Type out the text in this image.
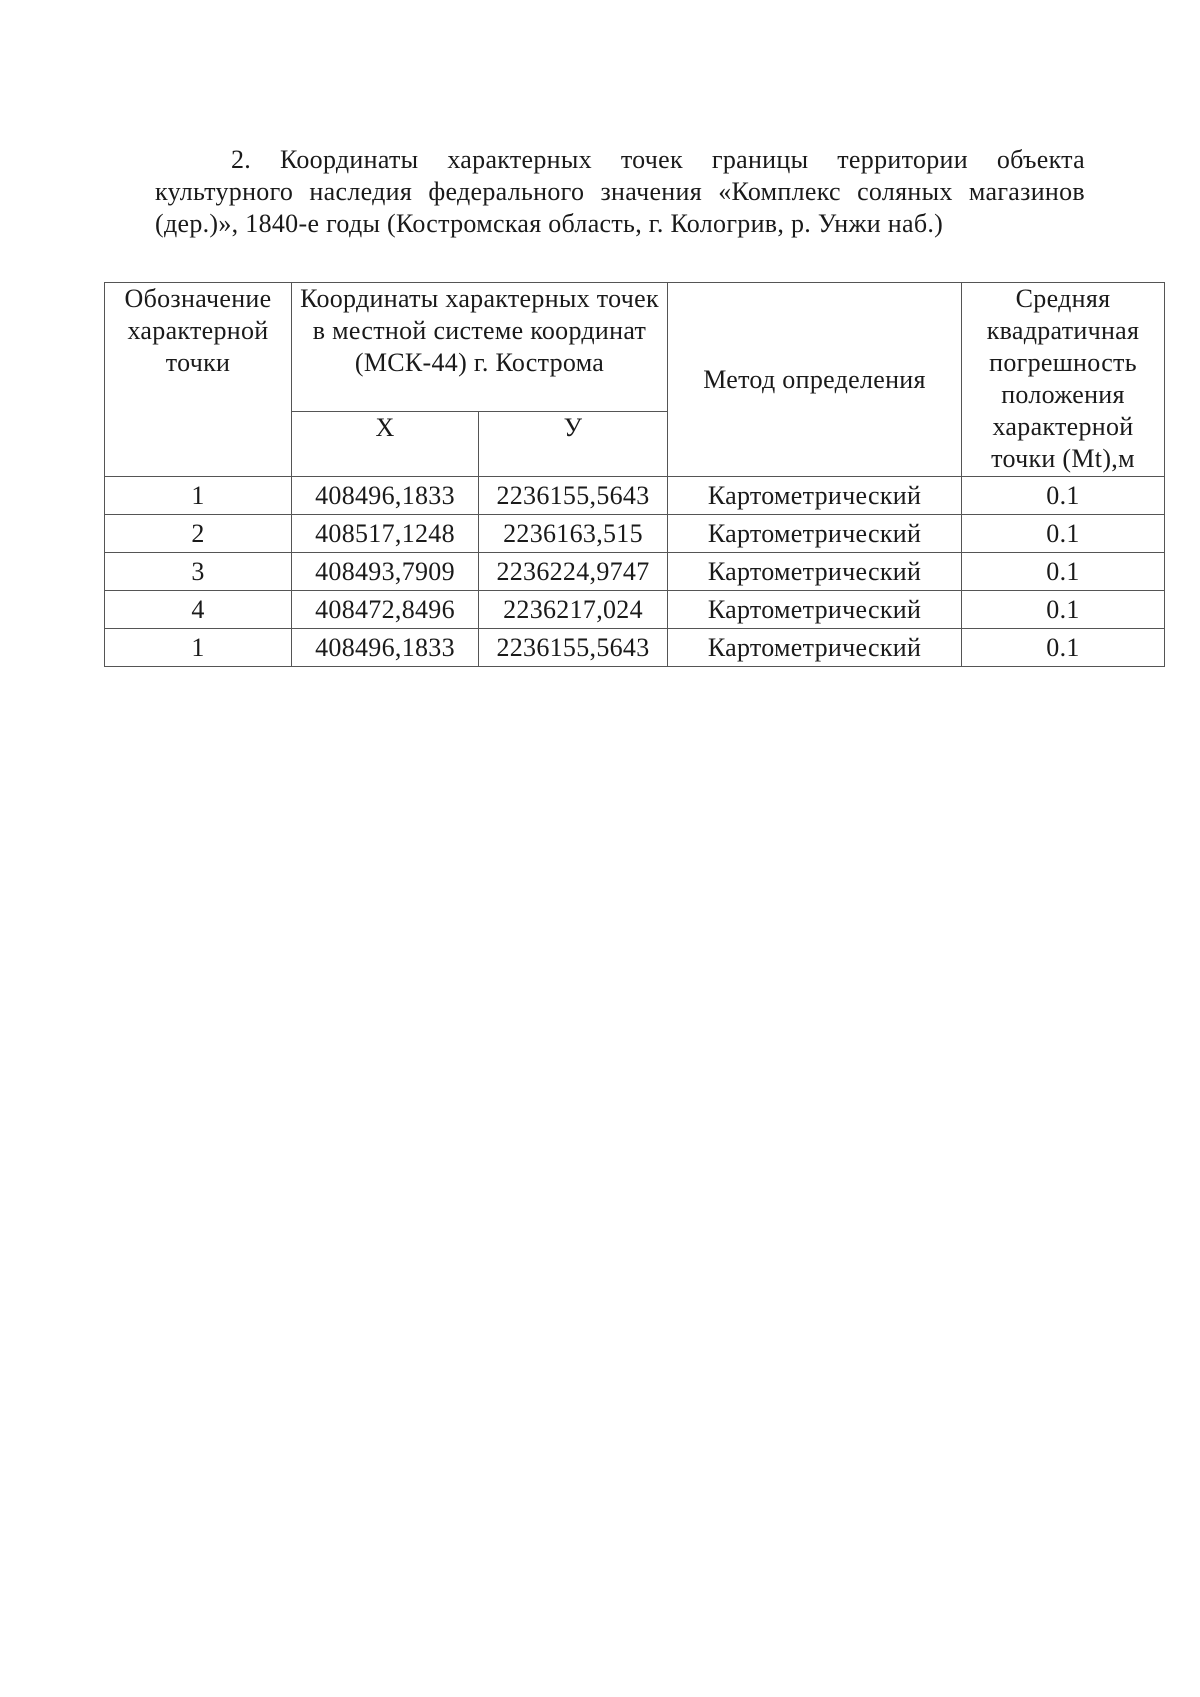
2. Координаты характерных точек границы территории объекта культурного наследия федерального значения «Комплекс соляных магазинов (дер.)», 1840-е годы (Костромская область, г. Кологрив, р. Унжи наб.)

Обозначение характерной точки	Координаты характерных точек в местной системе координат (МСК-44) г. Кострома		Метод определения	Средняя квадратичная погрешность положения характерной точки (Mt),м
	Х	У		
1	408496,1833	2236155,5643	Картометрический	0.1
2	408517,1248	2236163,515	Картометрический	0.1
3	408493,7909	2236224,9747	Картометрический	0.1
4	408472,8496	2236217,024	Картометрический	0.1
1	408496,1833	2236155,5643	Картометрический	0.1
